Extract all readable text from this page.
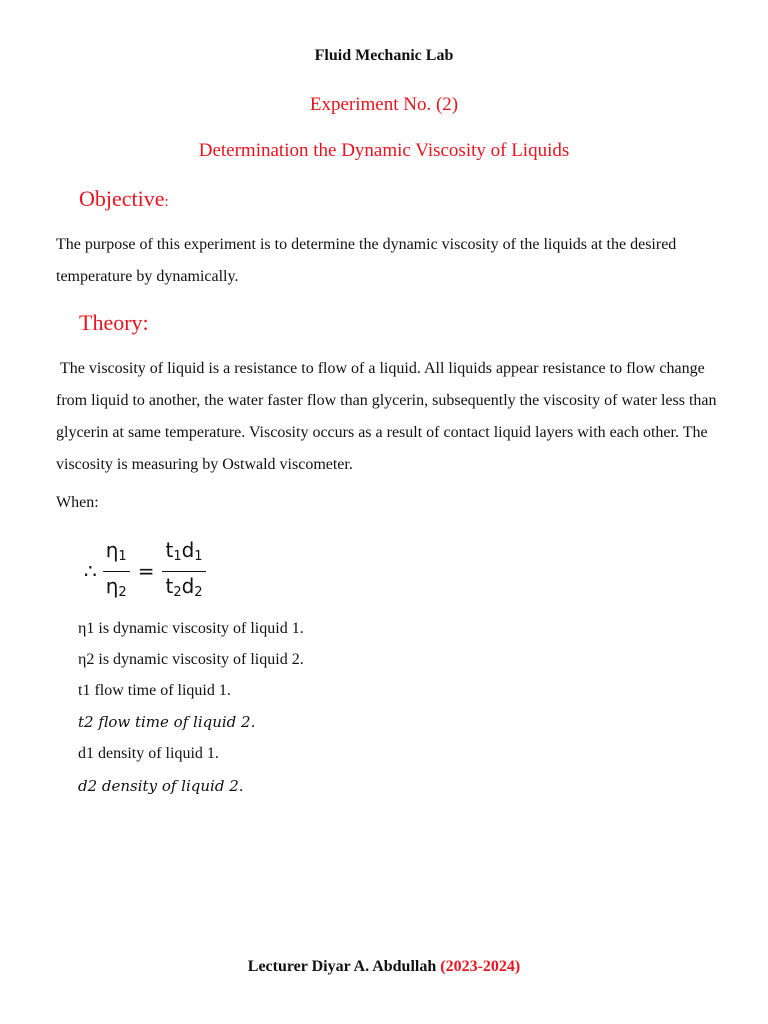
Fluid Mechanic Lab
Experiment No. (2)
Determination the Dynamic Viscosity of Liquids
Objective:
The purpose of this experiment is to determine the dynamic viscosity of the liquids at the desired temperature by dynamically.
Theory:
The viscosity of liquid is a resistance to flow of a liquid. All liquids appear resistance to flow change from liquid to another, the water faster flow than glycerin, subsequently the viscosity of water less than glycerin at same temperature. Viscosity occurs as a result of contact liquid layers with each other. The viscosity is measuring by Ostwald viscometer.
When:
∴ $\frac{\eta_1}{\eta_2} = \frac{t_1d_1}{t_2d_2}$
η1 is dynamic viscosity of liquid 1.
η2 is dynamic viscosity of liquid 2.
t1 flow time of liquid 1.
t2 flow time of liquid 2.
d1 density of liquid 1.
d2 density of liquid 2.
Lecturer Diyar A. Abdullah (2023-2024)
